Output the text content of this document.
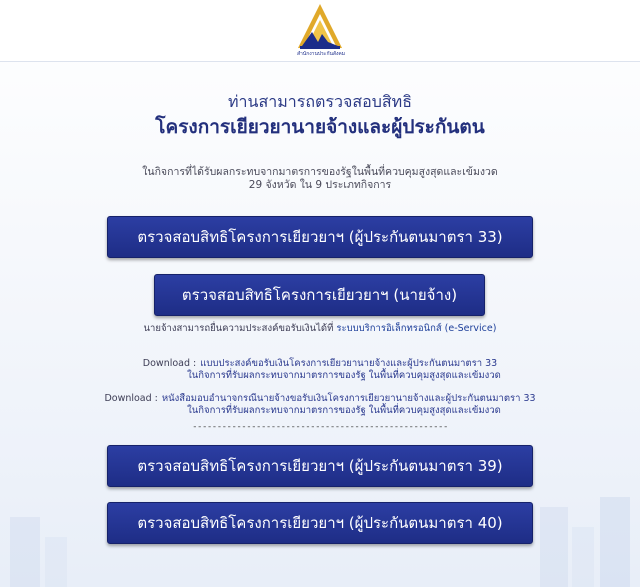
สำนักงานประกันสังคม
ท่านสามารถตรวจสอบสิทธิ
โครงการเยียวยานายจ้างและผู้ประกันตน
ในกิจการที่ได้รับผลกระทบจากมาตรการของรัฐในพื้นที่ควบคุมสูงสุดและเข้มงวด
29 จังหวัด ใน 9 ประเภทกิจการ
ตรวจสอบสิทธิโครงการเยียวยาฯ (ผู้ประกันตนมาตรา 33)
ตรวจสอบสิทธิโครงการเยียวยาฯ (นายจ้าง)
นายจ้างสามารถยื่นความประสงค์ขอรับเงินได้ที่ ระบบบริการอิเล็กทรอนิกส์ (e-Service)
Download : แบบประสงค์ขอรับเงินโครงการเยียวยานายจ้างและผู้ประกันตนมาตรา 33
ในกิจการที่รับผลกระทบจากมาตรการของรัฐ ในพื้นที่ควบคุมสูงสุดและเข้มงวด
Download : หนังสือมอบอำนาจกรณีนายจ้างขอรับเงินโครงการเยียวยานายจ้างและผู้ประกันตนมาตรา 33
ในกิจการที่รับผลกระทบจากมาตรการของรัฐ ในพื้นที่ควบคุมสูงสุดและเข้มงวด
----------------------------------------------------
ตรวจสอบสิทธิโครงการเยียวยาฯ (ผู้ประกันตนมาตรา 39)
ตรวจสอบสิทธิโครงการเยียวยาฯ (ผู้ประกันตนมาตรา 40)
